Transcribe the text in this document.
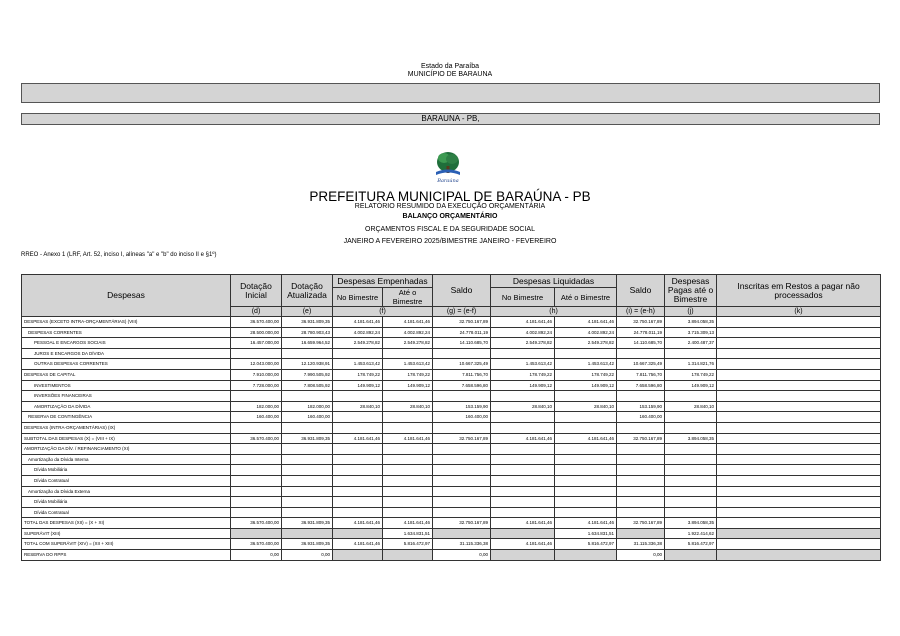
Estado da Paraíba
MUNICÍPIO DE BARAUNA
BARAUNA - PB,
Baraúna
PREFEITURA MUNICIPAL DE BARAÚNA - PB
RELATÓRIO RESUMIDO DA EXECUÇÃO ORÇAMENTÁRIA
BALANÇO ORÇAMENTÁRIO
ORÇAMENTOS FISCAL E DA SEGURIDADE SOCIAL
JANEIRO A FEVEREIRO 2025/BIMESTRE JANEIRO - FEVEREIRO
RREO - Anexo 1 (LRF, Art. 52, inciso I, alíneas "a" e "b" do inciso II e §1º)
Despesas	Dotação Inicial	Dotação Atualizada	Despesas Empenhadas		Saldo	Despesas Liquidadas		Saldo	Despesas Pagas até o Bimestre	Inscritas em Restos a pagar não processados
			No Bimestre	Até o Bimestre		No Bimestre	Até o Bimestre			
	(d)	(e)	(f)		(g) = (e-f)	(h)		(i) = (e-h)	(j)	(k)
DESPESAS (EXCETO INTRA-ORÇAMENTÁRIAS) (VIII)	36.570.400,00	36.931.809,35	4.181.641,46	4.181.641,46	32.750.167,89	4.181.641,46	4.181.641,46	32.750.167,89	3.894.058,35	
DESPESAS CORRENTES	28.500.000,00	28.780.903,43	4.002.892,24	4.002.892,24	24.778.011,19	4.002.892,24	4.002.892,24	24.778.011,19	3.715.309,13	
PESSOAL E ENCARGOS SOCIAIS	16.457.000,00	16.659.964,52	2.549.278,82	2.549.278,82	14.110.685,70	2.549.278,82	2.549.278,82	14.110.685,70	2.400.487,37	
JUROS E ENCARGOS DA DÍVIDA										
OUTRAS DESPESAS CORRENTES	12.043.000,00	12.120.938,91	1.453.613,42	1.453.613,42	10.667.325,49	1.453.613,42	1.453.613,42	10.667.325,49	1.314.821,76	
DESPESAS DE CAPITAL	7.910.000,00	7.990.505,92	178.749,22	178.749,22	7.811.756,70	178.749,22	178.749,22	7.811.756,70	178.749,22	
INVESTIMENTOS	7.728.000,00	7.808.505,92	149.909,12	149.909,12	7.658.596,80	149.909,12	149.909,12	7.658.596,80	149.909,12	
INVERSÕES FINANCEIRAS										
AMORTIZAÇÃO DA DÍVIDA	182.000,00	182.000,00	28.840,10	28.840,10	153.159,90	28.840,10	28.840,10	153.159,90	28.840,10	
RESERVA DE CONTINGÊNCIA	160.400,00	160.400,00			160.400,00			160.400,00		
DESPESAS (INTRA-ORÇAMENTÁRIAS) (IX)										
SUBTOTAL DAS DESPESAS (X) = (VIII + IX)	36.570.400,00	36.931.809,35	4.181.641,46	4.181.641,46	32.750.167,89	4.181.641,46	4.181.641,46	32.750.167,89	3.894.058,35	
AMORTIZAÇÃO DA DÍV. / REFINANCIAMENTO (XI)										
Amortização da Dívida Interna										
Dívida Mobiliária										
Dívida Contratual										
Amortização da Dívida Externa										
Dívida Mobiliária										
Dívida Contratual										
TOTAL DAS DESPESAS (XII) = (X + XI)	36.570.400,00	36.931.809,35	4.181.641,46	4.181.641,46	32.750.167,89	4.181.641,46	4.181.641,46	32.750.167,89	3.894.058,35	
SUPERÁVIT (XIII)				1.634.831,51			1.634.831,51		1.922.414,62	
TOTAL COM SUPERÁVIT (XIV) = (XII + XIII)	36.570.400,00	36.931.809,35	4.181.641,46	5.816.472,97	31.115.336,38	4.181.641,46	5.816.472,97	31.115.336,38	5.816.472,97	
RESERVA DO RPPS	0,00	0,00			0,00			0,00		
